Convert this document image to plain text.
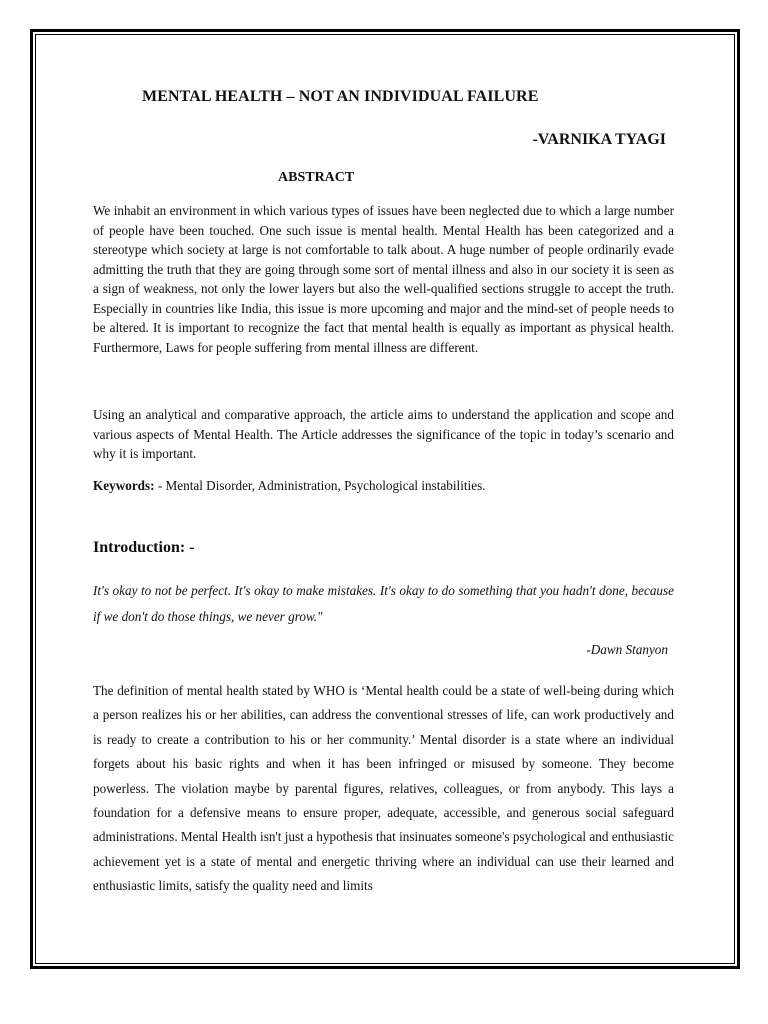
MENTAL HEALTH – NOT AN INDIVIDUAL FAILURE
-VARNIKA TYAGI
ABSTRACT

We inhabit an environment in which various types of issues have been neglected due to which a large number of people have been touched. One such issue is mental health. Mental Health has been categorized and a stereotype which society at large is not comfortable to talk about. A huge number of people ordinarily evade admitting the truth that they are going through some sort of mental illness and also in our society it is seen as a sign of weakness, not only the lower layers but also the well-qualified sections struggle to accept the truth. Especially in countries like India, this issue is more upcoming and major and the mind-set of people needs to be altered. It is important to recognize the fact that mental health is equally as important as physical health. Furthermore, Laws for people suffering from mental illness are different.

Using an analytical and comparative approach, the article aims to understand the application and scope and various aspects of Mental Health. The Article addresses the significance of the topic in today’s scenario and why it is important.

Keywords: - Mental Disorder, Administration, Psychological instabilities.
Introduction: -

It's okay to not be perfect. It's okay to make mistakes. It's okay to do something that you hadn't done, because if we don't do those things, we never grow."

-Dawn Stanyon

The definition of mental health stated by WHO is ‘Mental health could be a state of well-being during which a person realizes his or her abilities, can address the conventional stresses of life, can work productively and is ready to create a contribution to his or her community.’ Mental disorder is a state where an individual forgets about his basic rights and when it has been infringed or misused by someone. They become powerless. The violation maybe by parental figures, relatives, colleagues, or from anybody. This lays a foundation for a defensive means to ensure proper, adequate, accessible, and generous social safeguard administrations. Mental Health isn't just a hypothesis that insinuates someone's psychological and enthusiastic achievement yet is a state of mental and energetic thriving where an individual can use their learned and enthusiastic limits, satisfy the quality need and limits
